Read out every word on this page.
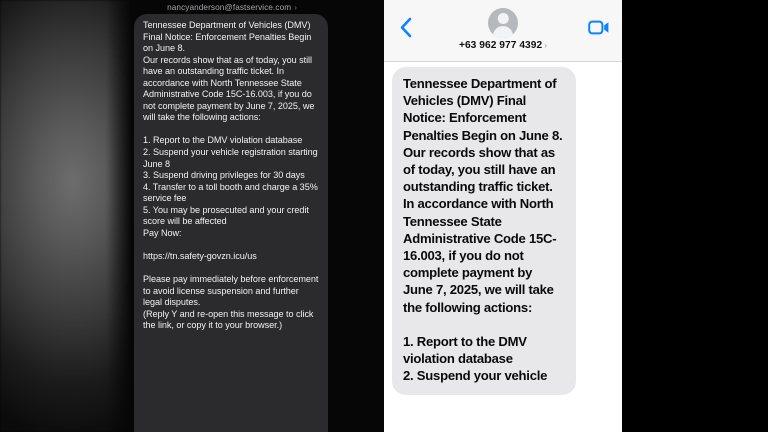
nancyanderson@fastservice.com ›

Tennessee Department of Vehicles (DMV) Final Notice: Enforcement Penalties Begin on June 8.

Our records show that as of today, you still have an outstanding traffic ticket. In accordance with North Tennessee State Administrative Code 15C-16.003, if you do not complete payment by June 7, 2025, we will take the following actions:

1. Report to the DMV violation database

2. Suspend your vehicle registration starting June 8

3. Suspend driving privileges for 30 days

4. Transfer to a toll booth and charge a 35% service fee

5. You may be prosecuted and your credit score will be affected

Pay Now:

https://tn.safety-govzn.icu/us

Please pay immediately before enforcement to avoid license suspension and further legal disputes.

(Reply Y and re-open this message to click the link, or copy it to your browser.)

+63 962 977 4392 ›

Tennessee Department of Vehicles (DMV) Final Notice: Enforcement Penalties Begin on June 8.

Our records show that as of today, you still have an outstanding traffic ticket. In accordance with North Tennessee State Administrative Code 15C-16.003, if you do not complete payment by June 7, 2025, we will take the following actions:

1. Report to the DMV violation database

2. Suspend your vehicle
